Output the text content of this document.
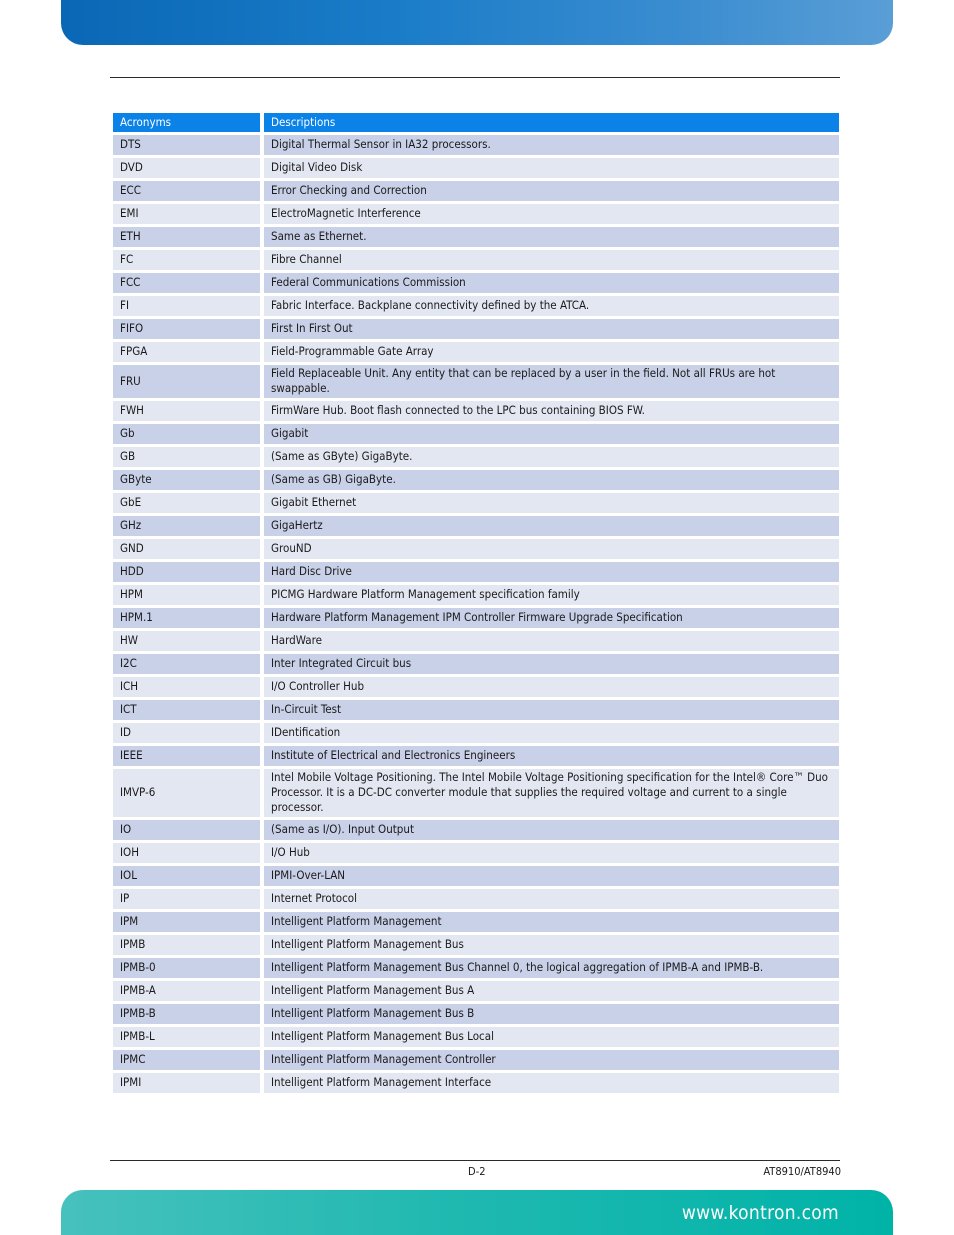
Acronyms	Descriptions
DTS	Digital Thermal Sensor in IA32 processors.
DVD	Digital Video Disk
ECC	Error Checking and Correction
EMI	ElectroMagnetic Interference
ETH	Same as Ethernet.
FC	Fibre Channel
FCC	Federal Communications Commission
FI	Fabric Interface. Backplane connectivity defined by the ATCA.
FIFO	First In First Out
FPGA	Field-Programmable Gate Array
FRU	Field Replaceable Unit. Any entity that can be replaced by a user in the field. Not all FRUs are hot swappable.
FWH	FirmWare Hub. Boot flash connected to the LPC bus containing BIOS FW.
Gb	Gigabit
GB	(Same as GByte) GigaByte.
GByte	(Same as GB) GigaByte.
GbE	Gigabit Ethernet
GHz	GigaHertz
GND	GrouND
HDD	Hard Disc Drive
HPM	PICMG Hardware Platform Management specification family
HPM.1	Hardware Platform Management IPM Controller Firmware Upgrade Specification
HW	HardWare
I2C	Inter Integrated Circuit bus
ICH	I/O Controller Hub
ICT	In-Circuit Test
ID	IDentification
IEEE	Institute of Electrical and Electronics Engineers
IMVP-6	Intel Mobile Voltage Positioning. The Intel Mobile Voltage Positioning specification for the Intel® Core™ Duo Processor. It is a DC-DC converter module that supplies the required voltage and current to a single processor.
IO	(Same as I/O). Input Output
IOH	I/O Hub
IOL	IPMI-Over-LAN
IP	Internet Protocol
IPM	Intelligent Platform Management
IPMB	Intelligent Platform Management Bus
IPMB-0	Intelligent Platform Management Bus Channel 0, the logical aggregation of IPMB-A and IPMB-B.
IPMB-A	Intelligent Platform Management Bus A
IPMB-B	Intelligent Platform Management Bus B
IPMB-L	Intelligent Platform Management Bus Local
IPMC	Intelligent Platform Management Controller
IPMI	Intelligent Platform Management Interface
D-2	AT8910/AT8940
www.kontron.com
